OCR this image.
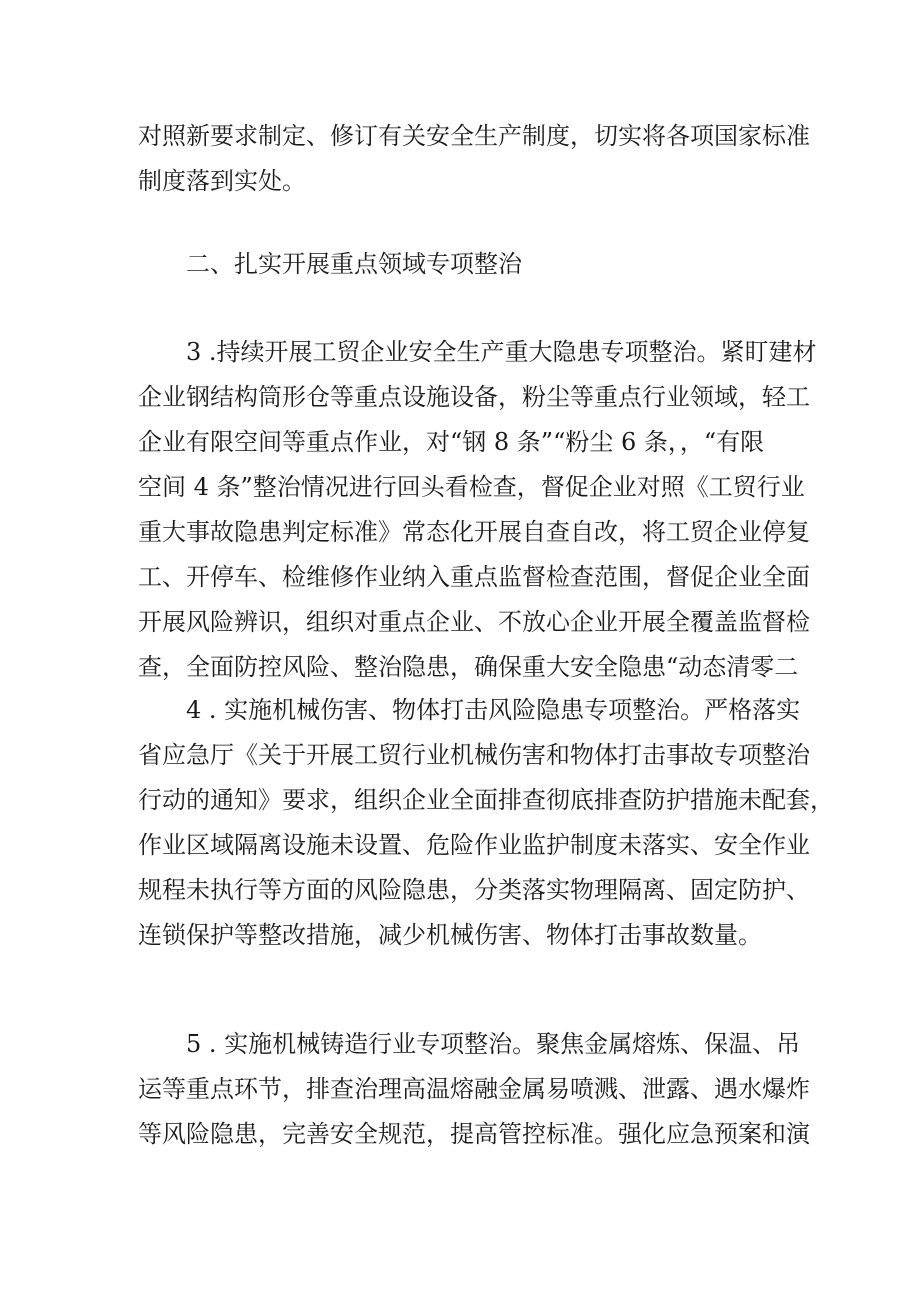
对照新要求制定、修订有关安全生产制度，切实将各项国家标准
制度落到实处。
二、扎实开展重点领域专项整治
3 .持续开展工贸企业安全生产重大隐患专项整治。紧盯建材
企业钢结构筒形仓等重点设施设备，粉尘等重点行业领域，轻工
企业有限空间等重点作业，对“钢 8 条”“粉尘 6 条，，“有限
空间 4 条”整治情况进行回头看检查，督促企业对照《工贸行业
重大事故隐患判定标准》常态化开展自查自改，将工贸企业停复
工、开停车、检维修作业纳入重点监督检查范围，督促企业全面
开展风险辨识，组织对重点企业、不放心企业开展全覆盖监督检
查，全面防控风险、整治隐患，确保重大安全隐患“动态清零二
4 . 实施机械伤害、物体打击风险隐患专项整治。严格落实
省应急厅《关于开展工贸行业机械伤害和物体打击事故专项整治
行动的通知》要求，组织企业全面排查彻底排查防护措施未配套，
作业区域隔离设施未设置、危险作业监护制度未落实、安全作业
规程未执行等方面的风险隐患，分类落实物理隔离、固定防护、
连锁保护等整改措施，减少机械伤害、物体打击事故数量。
5 . 实施机械铸造行业专项整治。聚焦金属熔炼、保温、吊
运等重点环节，排查治理高温熔融金属易喷溅、泄露、遇水爆炸
等风险隐患，完善安全规范，提高管控标准。强化应急预案和演
